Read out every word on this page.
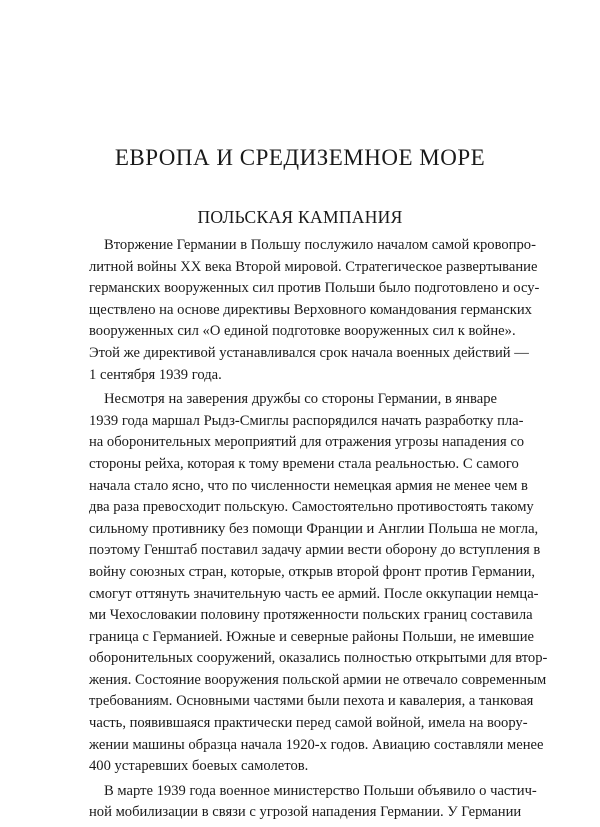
ЕВРОПА И СРЕДИЗЕМНОЕ МОРЕ
ПОЛЬСКАЯ КАМПАНИЯ
Вторжение Германии в Польшу послужило началом самой кровопро-
литной войны XX века Второй мировой. Стратегическое развертывание
германских вооруженных сил против Польши было подготовлено и осу-
ществлено на основе директивы Верховного командования германских
вооруженных сил «О единой подготовке вооруженных сил к войне».
Этой же директивой устанавливался срок начала военных действий —
1 сентября 1939 года.
Несмотря на заверения дружбы со стороны Германии, в январе
1939 года маршал Рыдз-Смиглы распорядился начать разработку пла-
на оборонительных мероприятий для отражения угрозы нападения со
стороны рейха, которая к тому времени стала реальностью. С самого
начала стало ясно, что по численности немецкая армия не менее чем в
два раза превосходит польскую. Самостоятельно противостоять такому
сильному противнику без помощи Франции и Англии Польша не могла,
поэтому Генштаб поставил задачу армии вести оборону до вступления в
войну союзных стран, которые, открыв второй фронт против Германии,
смогут оттянуть значительную часть ее армий. После оккупации немца-
ми Чехословакии половину протяженности польских границ составила
граница с Германией. Южные и северные районы Польши, не имевшие
оборонительных сооружений, оказались полностью открытыми для втор-
жения. Состояние вооружения польской армии не отвечало современным
требованиям. Основными частями были пехота и кавалерия, а танковая
часть, появившаяся практически перед самой войной, имела на воору-
жении машины образца начала 1920-х годов. Авиацию составляли менее
400 устаревших боевых самолетов.
В марте 1939 года военное министерство Польши объявило о частич-
ной мобилизации в связи с угрозой нападения Германии. У Германии
